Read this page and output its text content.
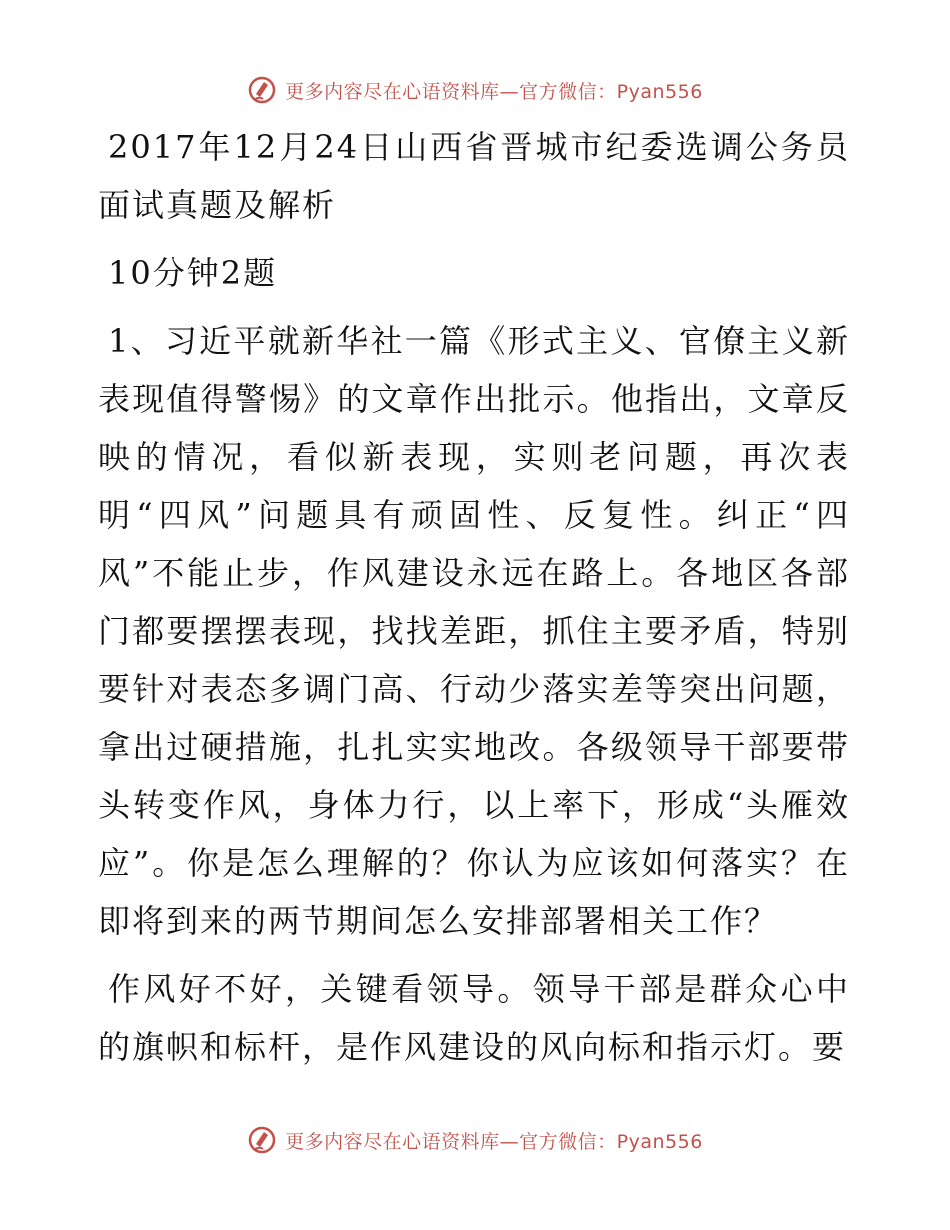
更多内容尽在心语资料库—官方微信：Pyan556

2017年12月24日山西省晋城市纪委选调公务员面试真题及解析

10分钟2题

1、习近平就新华社一篇《形式主义、官僚主义新表现值得警惕》的文章作出批示。他指出，文章反映的情况，看似新表现，实则老问题，再次表明“四风”问题具有顽固性、反复性。纠正“四风”不能止步，作风建设永远在路上。各地区各部门都要摆摆表现，找找差距，抓住主要矛盾，特别要针对表态多调门高、行动少落实差等突出问题，拿出过硬措施，扎扎实实地改。各级领导干部要带头转变作风，身体力行，以上率下，形成“头雁效应”。你是怎么理解的？你认为应该如何落实？在即将到来的两节期间怎么安排部署相关工作？

作风好不好，关键看领导。领导干部是群众心中的旗帜和标杆，是作风建设的风向标和指示灯。要

更多内容尽在心语资料库—官方微信：Pyan556
